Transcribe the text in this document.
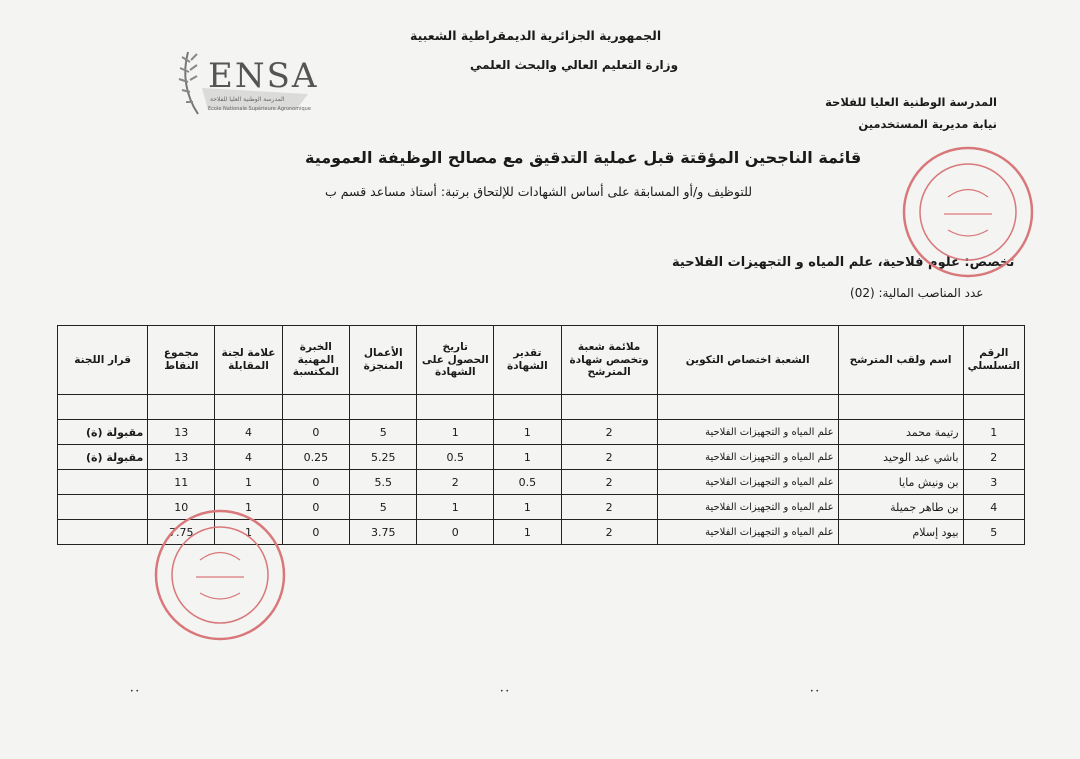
الجمهورية الجزائرية الديمقراطية الشعبية
وزارة التعليم العالي والبحث العلمي
المدرسة الوطنية العليا للفلاحة
نيابة مديرية المستخدمين
ENSA
المدرسة الوطنية العليا للفلاحة
Ecole Nationale Supérieure Agronomique
قائمة الناجحين المؤقتة قبل عملية التدقيق مع مصالح الوظيفة العمومية
للتوظيف و/أو المسابقة على أساس الشهادات للإلتحاق برتبة: أستاذ مساعد قسم ب
تخصص: علوم فلاحية، علم المياه و التجهيزات الفلاحية
عدد المناصب المالية: (02)
الرقم التسلسلي	اسم ولقب المترشح	الشعبة اختصاص التكوين	ملائمة شعبة وتخصص شهادة المترشح	تقدير الشهادة	تاريخ الحصول على الشهادة	الأعمال المنجزة	الخبرة المهنية المكتسبة	علامة لجنة المقابلة	مجموع النقاط	قرار اللجنة

1	رتيمة محمد	علم المياه و التجهيزات الفلاحية	2	1	1	5	0	4	13	مقبولة (ة)
2	باشي عبد الوحيد	علم المياه و التجهيزات الفلاحية	2	1	0.5	5.25	0.25	4	13	مقبولة (ة)
3	بن ونيش مايا	علم المياه و التجهيزات الفلاحية	2	0.5	2	5.5	0	1	11	
4	بن طاهر جميلة	علم المياه و التجهيزات الفلاحية	2	1	1	5	0	1	10	
5	بيود إسلام	علم المياه و التجهيزات الفلاحية	2	1	0	3.75	0	1	7.75	
••	••	••
